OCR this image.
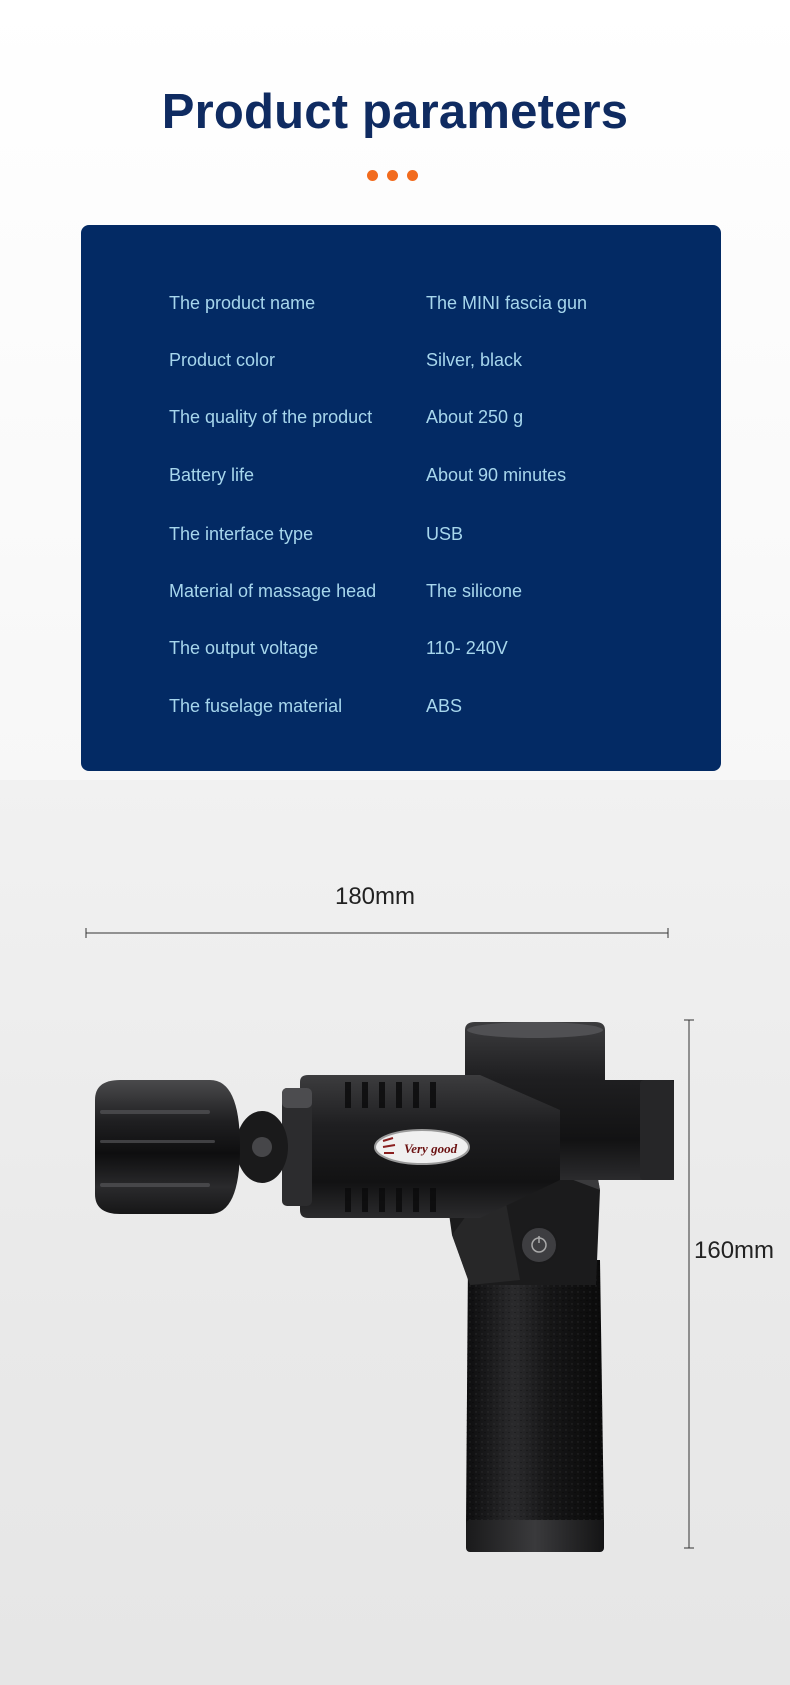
Product parameters
The product name	The MINI fascia gun
Product color	Silver, black
The quality of the product	About 250 g
Battery life	About 90 minutes
The interface type	USB
Material of massage head	The silicone
The output voltage	110- 240V
The fuselage material	ABS
180mm
160mm
Very good
